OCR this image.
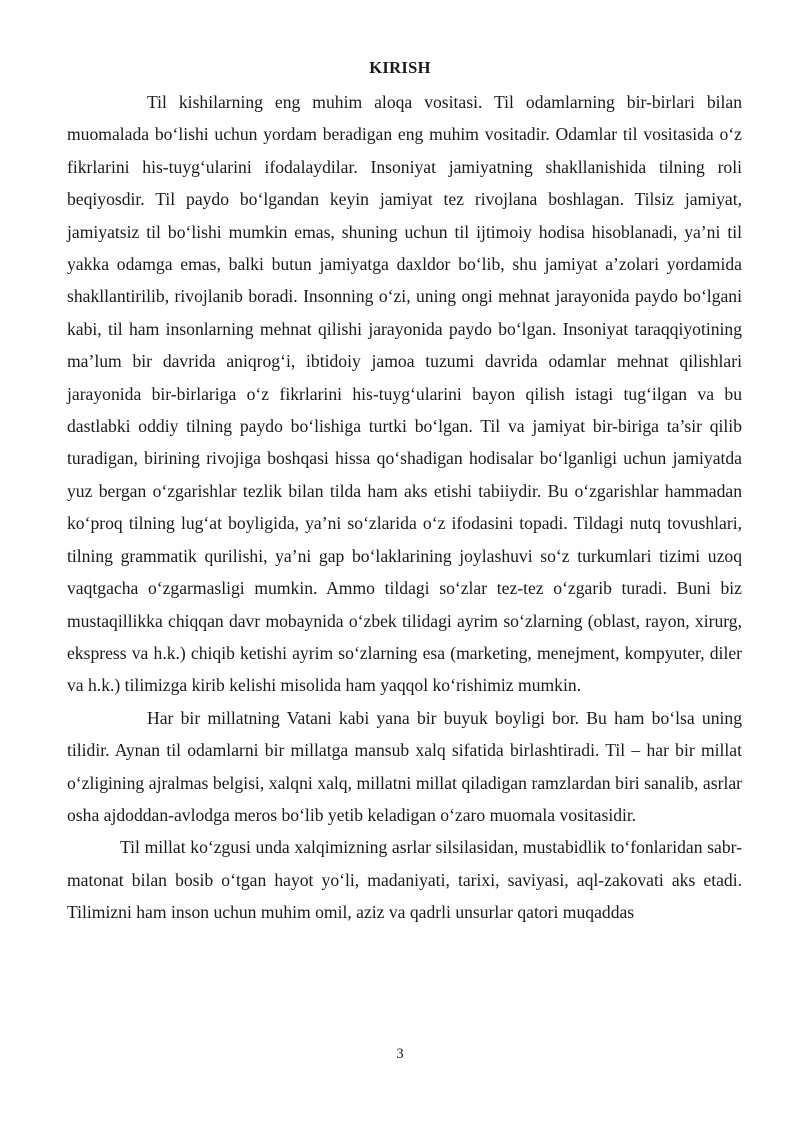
KIRISH

Til kishilarning eng muhim aloqa vositasi. Til odamlarning bir-birlari bilan muomalada bo‘lishi uchun yordam beradigan eng muhim vositadir. Odamlar til vositasida o‘z fikrlarini his-tuyg‘ularini ifodalaydilar. Insoniyat jamiyatning shakllanishida tilning roli beqiyosdir. Til paydo bo‘lgandan keyin jamiyat tez rivojlana boshlagan. Tilsiz jamiyat, jamiyatsiz til bo‘lishi mumkin emas, shuning uchun til ijtimoiy hodisa hisoblanadi, ya’ni til yakka odamga emas, balki butun jamiyatga daxldor bo‘lib, shu jamiyat a’zolari yordamida shakllantirilib, rivojlanib boradi. Insonning o‘zi, uning ongi mehnat jarayonida paydo bo‘lgani kabi, til ham insonlarning mehnat qilishi jarayonida paydo bo‘lgan. Insoniyat taraqqiyotining ma’lum bir davrida aniqrog‘i, ibtidoiy jamoa tuzumi davrida odamlar mehnat qilishlari jarayonida bir-birlariga o‘z fikrlarini his-tuyg‘ularini bayon qilish istagi tug‘ilgan va bu dastlabki oddiy tilning paydo bo‘lishiga turtki bo‘lgan. Til va jamiyat bir-biriga ta’sir qilib turadigan, birining rivojiga boshqasi hissa qo‘shadigan hodisalar bo‘lganligi uchun jamiyatda yuz bergan o‘zgarishlar tezlik bilan tilda ham aks etishi tabiiydir. Bu o‘zgarishlar hammadan ko‘proq tilning lug‘at boyligida, ya’ni so‘zlarida o‘z ifodasini topadi. Tildagi nutq tovushlari, tilning grammatik qurilishi, ya’ni gap bo‘laklarining joylashuvi so‘z turkumlari tizimi uzoq vaqtgacha o‘zgarmasligi mumkin. Ammo tildagi so‘zlar tez-tez o‘zgarib turadi. Buni biz mustaqillikka chiqqan davr mobaynida o‘zbek tilidagi ayrim so‘zlarning (oblast, rayon, xirurg, ekspress va h.k.) chiqib ketishi ayrim so‘zlarning esa (marketing, menejment, kompyuter, diler va h.k.) tilimizga kirib kelishi misolida ham yaqqol ko‘rishimiz mumkin.

Har bir millatning Vatani kabi yana bir buyuk boyligi bor. Bu ham bo‘lsa uning tilidir. Aynan til odamlarni bir millatga mansub xalq sifatida birlashtiradi. Til – har bir millat o‘zligining ajralmas belgisi, xalqni xalq, millatni millat qiladigan ramzlardan biri sanalib, asrlar osha ajdoddan-avlodga meros bo‘lib yetib keladigan o‘zaro muomala vositasidir.

Til millat ko‘zgusi unda xalqimizning asrlar silsilasidan, mustabidlik to‘fonlaridan sabr-matonat bilan bosib o‘tgan hayot yo‘li, madaniyati, tarixi, saviyasi, aql-zakovati aks etadi. Tilimizni ham inson uchun muhim omil, aziz va qadrli unsurlar qatori muqaddas

3
